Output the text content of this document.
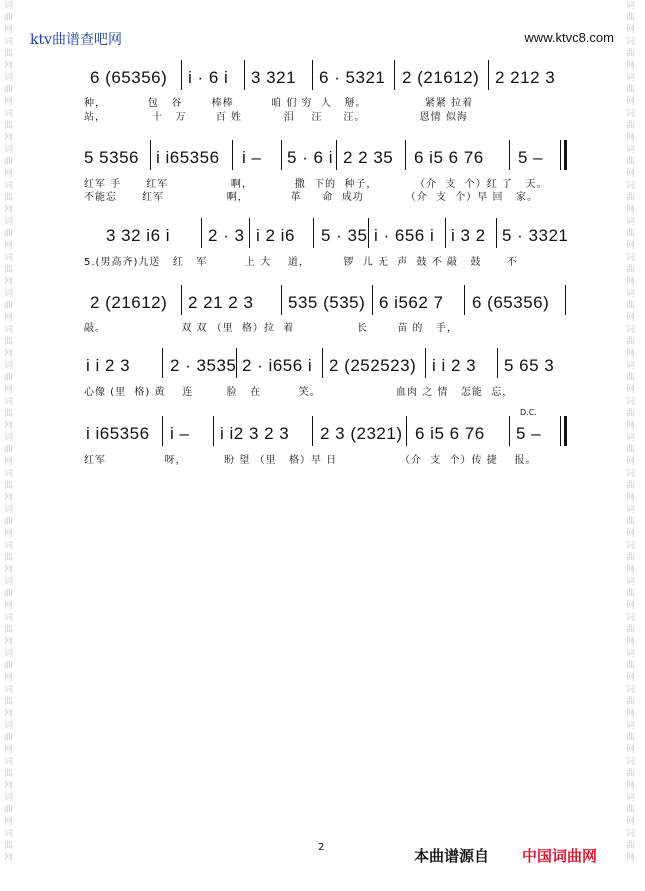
词
曲
网
词
曲
网
词
曲
网
词
曲
网
词
曲
网
词
曲
网
词
曲
网
词
曲
网
词
曲
网
词
曲
网
词
曲
网
词
曲
网
词
曲
网
词
曲
网
词
曲
网
词
曲
网
词
曲
网
词
曲
网
词
曲
网
词
曲
网
词
曲
网
词
曲
网
词
曲
网
词
曲
网
词
曲
网
词
曲
网
词
曲
网
词
曲
网
词
曲
网
词
曲
网
词
曲
网
词
曲
网
词
曲
网
词
曲
网
词
曲
网
词
曲
网
词
曲
网
词
曲
网
词
曲
网
词
曲
网
词
曲
网
词
曲
网
词
曲
网
词
曲
网
词
曲
网
词
曲
网
词
曲
网
词
曲
网
ktv曲谱查吧网	www.ktvc8.com
6 (65356) i · 6 i 3 321 6 · 5321 2 (21612) 2 212 3
种，          包   谷       棒棒         咱 们 穷  人   掰。              紧紧 拉着
站，           十   万       百 姓          泪    汪     汪。             恩情 似海
5 5356 i i65356 i – 5 · 6 i 2 2 35 6 i5 6 76 5 –
红军 手      红军               啊，          撒  下的  种子，         （介  支  个）红 了   天。
不能忘      红军               啊，          革     命  成功          （介  支  个）早 回   家。
3 32 i6 i 2 · 3 i 2 i6 5 · 35 i · 656 i i 3 2 5 · 3321
5.(男高齐)九送   红   军         上 大    道，        锣  儿 无  声  鼓 不 敲   鼓      不
2 (21612) 2 21 2 3 535 (535) 6 i562 7 6 (65356)
敲。                  双 双 （里  格）拉  着               长       苗 的   手，
i i 2 3 2 · 3535 2 · i656 i 2 (252523) i i 2 3 5 65 3
心像 (里  格) 黄    连        脸   在         笑。                  血肉 之 情   怎能  忘，
i i65356 i – i i2 3 2 3 2 3 (2321) 6 i5 6 76 5 –
D.C.
红军              呀，         盼 望 （里   格）早 日               （介  支  个）传 捷    报。
2	本曲谱源自 中国词曲网
